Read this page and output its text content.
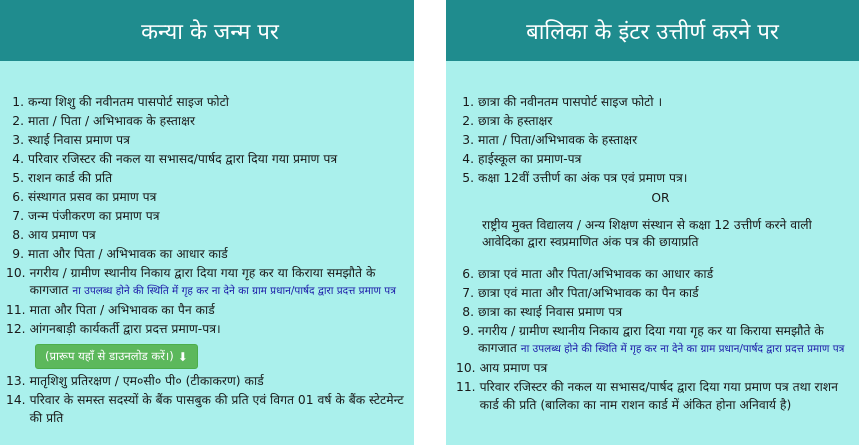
कन्या के जन्म पर
1. कन्या शिशु की नवीनतम पासपोर्ट साइज फोटो
2. माता / पिता / अभिभावक के हस्ताक्षर
3. स्थाई निवास प्रमाण पत्र
4. परिवार रजिस्टर की नकल या सभासद/पार्षद द्वारा दिया गया प्रमाण पत्र
5. राशन कार्ड की प्रति
6. संस्थागत प्रसव का प्रमाण पत्र
7. जन्म पंजीकरण का प्रमाण पत्र
8. आय प्रमाण पत्र
9. माता और पिता / अभिभावक का आधार कार्ड
10. नगरीय / ग्रामीण स्थानीय निकाय द्वारा दिया गया गृह कर या किराया समझौते के कागजात ना उपलब्ध होने की स्थिति में गृह कर ना देने का ग्राम प्रधान/पार्षद द्वारा प्रदत्त प्रमाण पत्र
11. माता और पिता / अभिभावक का पैन कार्ड
12. आंगनबाड़ी कार्यकर्ती द्वारा प्रदत्त प्रमाण-पत्र।
(प्रारूप यहाँ से डाउनलोड करें।) ⬇
13. मातृशिशु प्रतिरक्षण / एम०सी० पी० (टीकाकरण) कार्ड
14. परिवार के समस्त सदस्यों के बैंक पासबुक की प्रति एवं विगत 01 वर्ष के बैंक स्टेटमेन्ट की प्रति
बालिका के इंटर उत्तीर्ण करने पर
1. छात्रा की नवीनतम पासपोर्ट साइज फोटो ।
2. छात्रा के हस्ताक्षर
3. माता / पिता/अभिभावक के हस्ताक्षर
4. हाईस्कूल का प्रमाण-पत्र
5. कक्षा 12वीं उत्तीर्ण का अंक पत्र एवं प्रमाण पत्र।
OR
राष्ट्रीय मुक्त विद्यालय / अन्य शिक्षण संस्थान से कक्षा 12 उत्तीर्ण करने वाली आवेदिका द्वारा स्वप्रमाणित अंक पत्र की छायाप्रति
6. छात्रा एवं माता और पिता/अभिभावक का आधार कार्ड
7. छात्रा एवं माता और पिता/अभिभावक का पैन कार्ड
8. छात्रा का स्थाई निवास प्रमाण पत्र
9. नगरीय / ग्रामीण स्थानीय निकाय द्वारा दिया गया गृह कर या किराया समझौते के कागजात ना उपलब्ध होने की स्थिति में गृह कर ना देने का ग्राम प्रधान/पार्षद द्वारा प्रदत्त प्रमाण पत्र
10. आय प्रमाण पत्र
11. परिवार रजिस्टर की नकल या सभासद/पार्षद द्वारा दिया गया प्रमाण पत्र तथा राशन कार्ड की प्रति (बालिका का नाम राशन कार्ड में अंकित होना अनिवार्य है)
